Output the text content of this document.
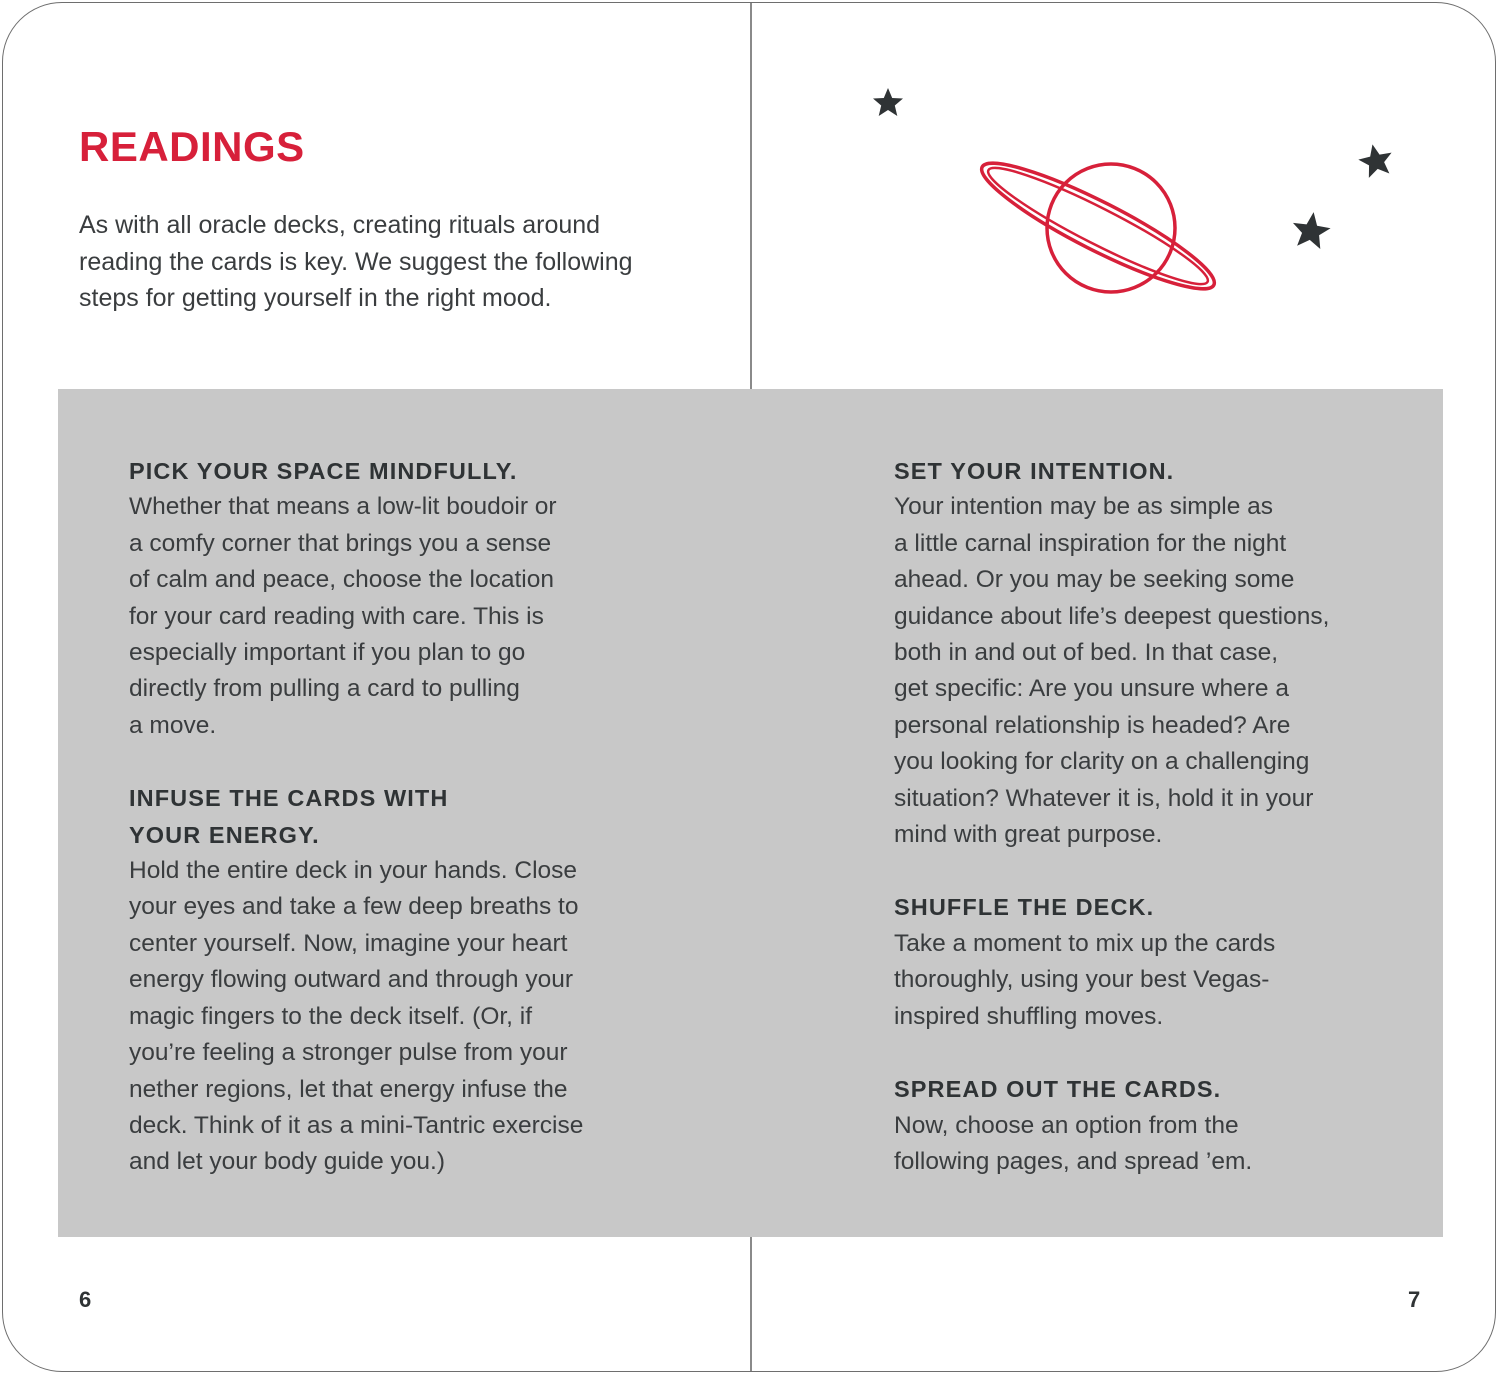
READINGS

As with all oracle decks, creating rituals around reading the cards is key. We suggest the following steps for getting yourself in the right mood.

PICK YOUR SPACE MINDFULLY.

Whether that means a low-lit boudoir or

a comfy corner that brings you a sense

of calm and peace, choose the location

for your card reading with care. This is

especially important if you plan to go

directly from pulling a card to pulling

a move.

INFUSE THE CARDS WITH

YOUR ENERGY.

Hold the entire deck in your hands. Close

your eyes and take a few deep breaths to

center yourself. Now, imagine your heart

energy flowing outward and through your

magic fingers to the deck itself. (Or, if

you’re feeling a stronger pulse from your

nether regions, let that energy infuse the

deck. Think of it as a mini-Tantric exercise

and let your body guide you.)

SET YOUR INTENTION.

Your intention may be as simple as

a little carnal inspiration for the night

ahead. Or you may be seeking some

guidance about life’s deepest questions,

both in and out of bed. In that case,

get specific: Are you unsure where a

personal relationship is headed? Are

you looking for clarity on a challenging

situation? Whatever it is, hold it in your

mind with great purpose.

SHUFFLE THE DECK.

Take a moment to mix up the cards

thoroughly, using your best Vegas-

inspired shuffling moves.

SPREAD OUT THE CARDS.

Now, choose an option from the

following pages, and spread ’em.

6	7
